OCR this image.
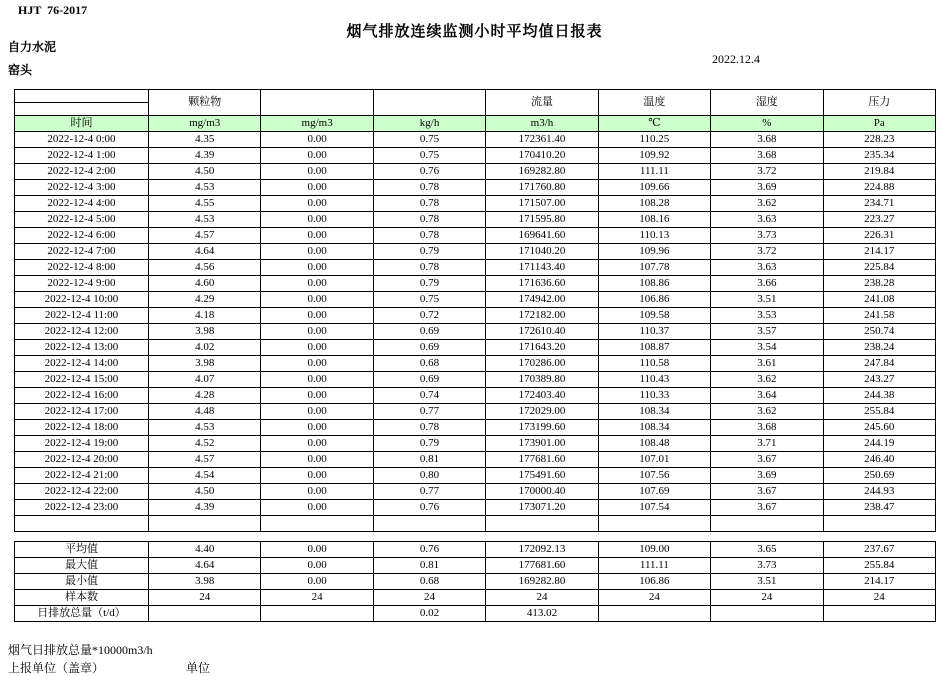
HJT  76-2017
烟气排放连续监测小时平均值日报表
自力水泥
窑头
2022.12.4
	颗粒物			流量	温度	湿度	压力

时间	mg/m3	mg/m3	kg/h	m3/h	℃	%	Pa
2022-12-4 0:00	4.35	0.00	0.75	172361.40	110.25	3.68	228.23
2022-12-4 1:00	4.39	0.00	0.75	170410.20	109.92	3.68	235.34
2022-12-4 2:00	4.50	0.00	0.76	169282.80	111.11	3.72	219.84
2022-12-4 3:00	4.53	0.00	0.78	171760.80	109.66	3.69	224.88
2022-12-4 4:00	4.55	0.00	0.78	171507.00	108.28	3.62	234.71
2022-12-4 5:00	4.53	0.00	0.78	171595.80	108.16	3.63	223.27
2022-12-4 6:00	4.57	0.00	0.78	169641.60	110.13	3.73	226.31
2022-12-4 7:00	4.64	0.00	0.79	171040.20	109.96	3.72	214.17
2022-12-4 8:00	4.56	0.00	0.78	171143.40	107.78	3.63	225.84
2022-12-4 9:00	4.60	0.00	0.79	171636.60	108.86	3.66	238.28
2022-12-4 10:00	4.29	0.00	0.75	174942.00	106.86	3.51	241.08
2022-12-4 11:00	4.18	0.00	0.72	172182.00	109.58	3.53	241.58
2022-12-4 12:00	3.98	0.00	0.69	172610.40	110.37	3.57	250.74
2022-12-4 13:00	4.02	0.00	0.69	171643.20	108.87	3.54	238.24
2022-12-4 14:00	3.98	0.00	0.68	170286.00	110.58	3.61	247.84
2022-12-4 15:00	4.07	0.00	0.69	170389.80	110.43	3.62	243.27
2022-12-4 16:00	4.28	0.00	0.74	172403.40	110.33	3.64	244.38
2022-12-4 17:00	4.48	0.00	0.77	172029.00	108.34	3.62	255.84
2022-12-4 18:00	4.53	0.00	0.78	173199.60	108.34	3.68	245.60
2022-12-4 19:00	4.52	0.00	0.79	173901.00	108.48	3.71	244.19
2022-12-4 20:00	4.57	0.00	0.81	177681.60	107.01	3.67	246.40
2022-12-4 21:00	4.54	0.00	0.80	175491.60	107.56	3.69	250.69
2022-12-4 22:00	4.50	0.00	0.77	170000.40	107.69	3.67	244.93
2022-12-4 23:00	4.39	0.00	0.76	173071.20	107.54	3.67	238.47

平均值	4.40	0.00	0.76	172092.13	109.00	3.65	237.67
最大值	4.64	0.00	0.81	177681.60	111.11	3.73	255.84
最小值	3.98	0.00	0.68	169282.80	106.86	3.51	214.17
样本数	24	24	24	24	24	24	24
日排放总量（t/d）			0.02	413.02			
烟气日排放总量*10000m3/h
上报单位（盖章）	单位
